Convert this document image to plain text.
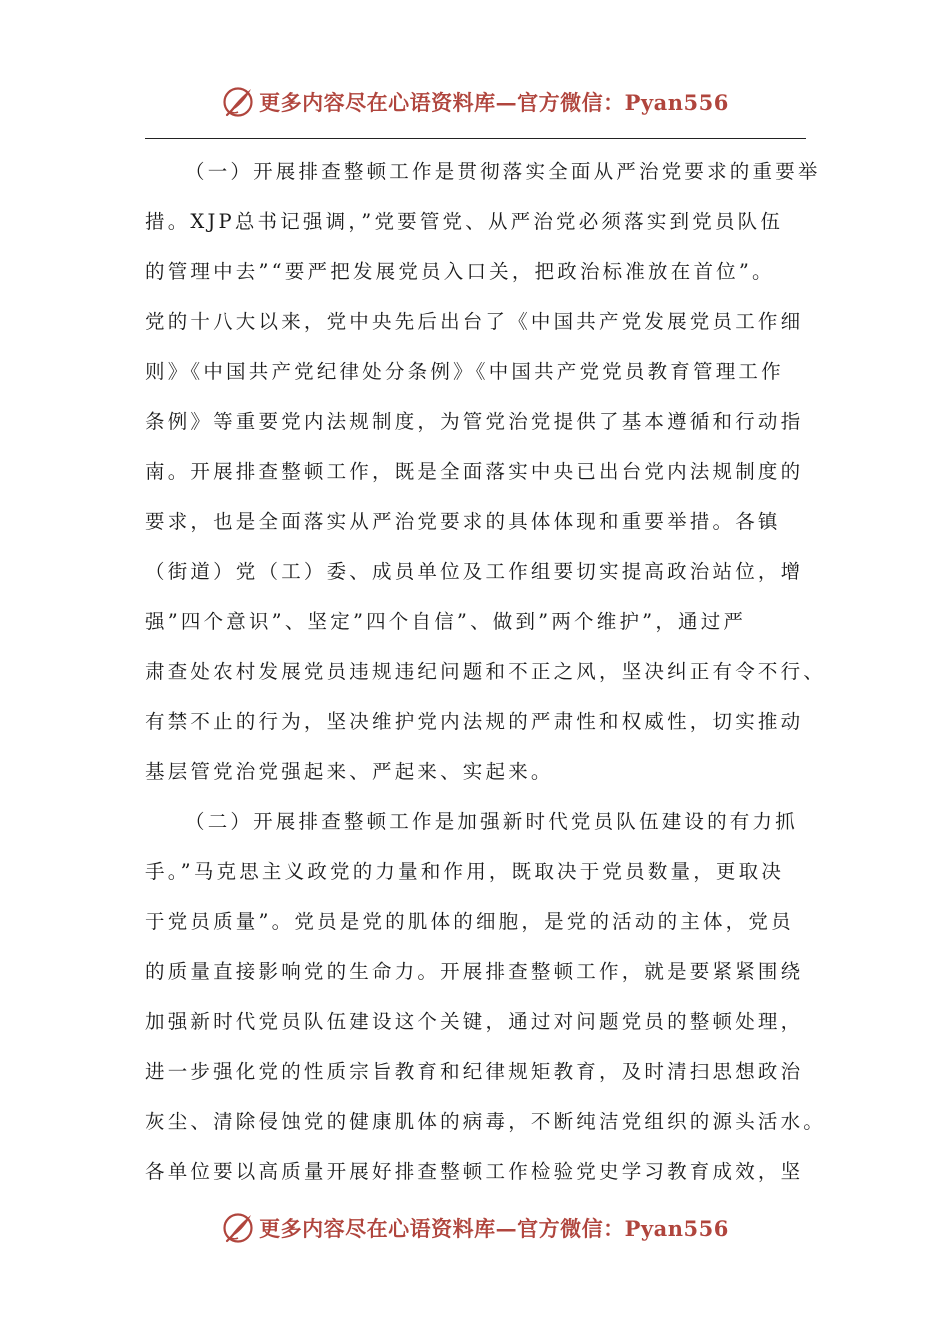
更多内容尽在心语资料库—官方微信：Pyan556
（一）开展排查整顿工作是贯彻落实全面从严治党要求的重要举
措。XJP总书记强调，”党要管党、从严治党必须落实到党员队伍
的管理中去”“要严把发展党员入口关，把政治标准放在首位”。
党的十八大以来，党中央先后出台了《中国共产党发展党员工作细
则》《中国共产党纪律处分条例》《中国共产党党员教育管理工作
条例》等重要党内法规制度，为管党治党提供了基本遵循和行动指
南。开展排查整顿工作，既是全面落实中央已出台党内法规制度的
要求，也是全面落实从严治党要求的具体体现和重要举措。各镇
（街道）党（工）委、成员单位及工作组要切实提高政治站位，增
强”四个意识”、坚定”四个自信”、做到”两个维护”，通过严
肃查处农村发展党员违规违纪问题和不正之风，坚决纠正有令不行、
有禁不止的行为，坚决维护党内法规的严肃性和权威性，切实推动
基层管党治党强起来、严起来、实起来。
（二）开展排查整顿工作是加强新时代党员队伍建设的有力抓
手。”马克思主义政党的力量和作用，既取决于党员数量，更取决
于党员质量”。党员是党的肌体的细胞，是党的活动的主体，党员
的质量直接影响党的生命力。开展排查整顿工作，就是要紧紧围绕
加强新时代党员队伍建设这个关键，通过对问题党员的整顿处理，
进一步强化党的性质宗旨教育和纪律规矩教育，及时清扫思想政治
灰尘、清除侵蚀党的健康肌体的病毒，不断纯洁党组织的源头活水。
各单位要以高质量开展好排查整顿工作检验党史学习教育成效，坚
更多内容尽在心语资料库—官方微信：Pyan556
